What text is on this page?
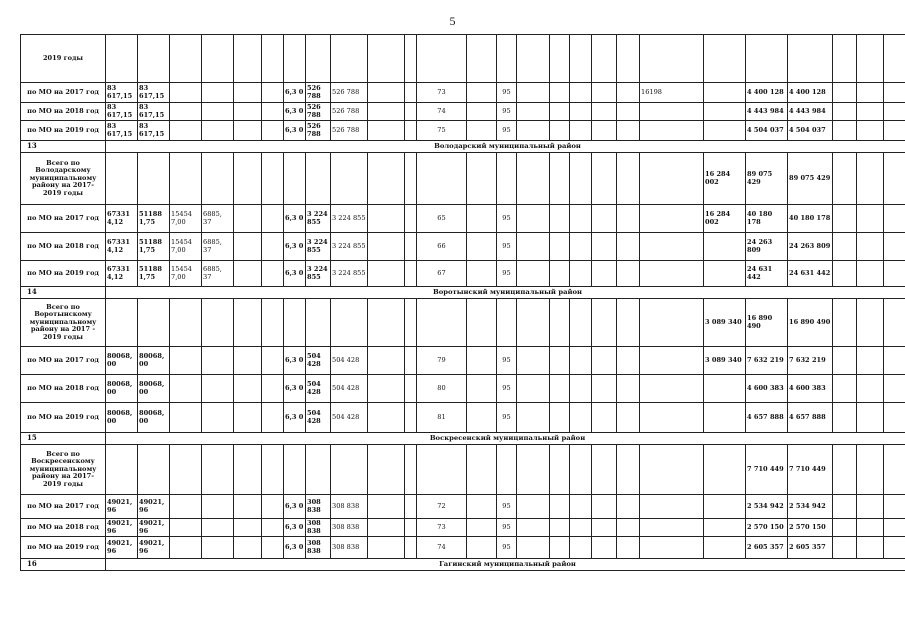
5
2019 годы																										
по МО на 2017 год	83 617,15	83 617,15					6,3 0	526 788	526 788			73		95						16198		4 400 128	4 400 128			
по МО на 2018 год	83 617,15	83 617,15					6,3 0	526 788	526 788			74		95								4 443 984	4 443 984			
по МО на 2019 год	83 617,15	83 617,15					6,3 0	526 788	526 788			75		95								4 504 037	4 504 037			
13	Володарский муниципальный район																									
Всего по Володарскому муниципальному району на 2017- 2019 годы																					16 284 002	89 075 429	89 075 429			
по МО на 2017 год	67331 4,12	51188 1,75	15454 7,00	6885, 37			6,3 0	3 224 855	3 224 855			65		95							16 284 002	40 180 178	40 180 178			
по МО на 2018 год	67331 4,12	51188 1,75	15454 7,00	6885, 37			6,3 0	3 224 855	3 224 855			66		95								24 263 809	24 263 809			
по МО на 2019 год	67331 4,12	51188 1,75	15454 7,00	6885, 37			6,3 0	3 224 855	3 224 855			67		95								24 631 442	24 631 442			
14	Воротынский муниципальный район																									
Всего по Воротынскому муниципальному району на 2017 - 2019 годы																					3 089 340	16 890 490	16 890 490			
по МО на 2017 год	80068, 00	80068, 00					6,3 0	504 428	504 428			79		95							3 089 340	7 632 219	7 632 219			
по МО на 2018 год	80068, 00	80068, 00					6,3 0	504 428	504 428			80		95								4 600 383	4 600 383			
по МО на 2019 год	80068, 00	80068, 00					6,3 0	504 428	504 428			81		95								4 657 888	4 657 888			
15	Воскресенский муниципальный район																									
Всего по Воскресенскому муниципальному району на 2017- 2019 годы																						7 710 449	7 710 449			
по МО на 2017 год	49021, 96	49021, 96					6,3 0	308 838	308 838			72		95								2 534 942	2 534 942			
по МО на 2018 год	49021, 96	49021, 96					6,3 0	308 838	308 838			73		95								2 570 150	2 570 150			
по МО на 2019 год	49021, 96	49021, 96					6,3 0	308 838	308 838			74		95								2 605 357	2 605 357			
16	Гагинский муниципальный район																									
